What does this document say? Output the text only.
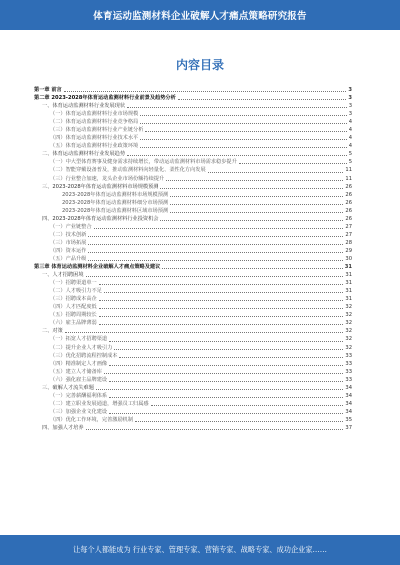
体育运动监测材料企业破解人才痛点策略研究报告
内容目录
第一章 前言	3
第二章 2023-2028年体育运动监测材料行业前景及趋势分析	3
一、体育运动监测材料行业发展现状	3
（一）体育运动监测材料行业市场规模	3
（二）体育运动监测材料行业竞争格局	4
（三）体育运动监测材料行业产业链分析	4
（四）体育运动监测材料行业技术水平	4
（五）体育运动监测材料行业政策环境	4
二、体育运动监测材料行业发展趋势	5
（一）中大型体育赛事及健身需求持续增长，带动运动监测材料市场需求稳步提升	5
（二）智能穿戴设备普及，推动监测材料向轻量化、柔性化方向发展	11
（三）行业整合加速，龙头企业市场份额持续提升	11
三、2023-2028年体育运动监测材料市场规模预测	26
2023-2028年体育运动监测材料市场规模预测	26
2023-2028年体育运动监测材料细分市场预测	26
2023-2028年体育运动监测材料区域市场预测	26
四、2023-2028年体育运动监测材料行业投资机会	26
（一）产业链整合	27
（二）技术创新	27
（三）市场拓展	28
（四）资本运作	29
（五）产品升级	30
第三章 体育运动监测材料企业破解人才痛点策略及建议	31
一、人才招聘困境	31
（一）招聘渠道单一	31
（二）人才吸引力不足	31
（三）招聘成本高企	31
（四）人才匹配度低	32
（五）招聘周期较长	32
（六）雇主品牌薄弱	32
二、对策	32
（一）拓宽人才招聘渠道	32
（二）提升企业人才吸引力	32
（三）优化招聘流程控制成本	33
（四）精准制定人才画像	33
（五）建立人才储备库	33
（六）强化雇主品牌建设	33
三、破解人才流失难题	34
（一）完善薪酬福利体系	34
（二）建立职业发展通道，增强员工归属感	34
（三）加强企业文化建设	34
（四）优化工作环境，完善激励机制	35
四、加强人才培养	37
让每个人都能成为 行业专家、管理专家、营销专家、战略专家、成功企业家……
